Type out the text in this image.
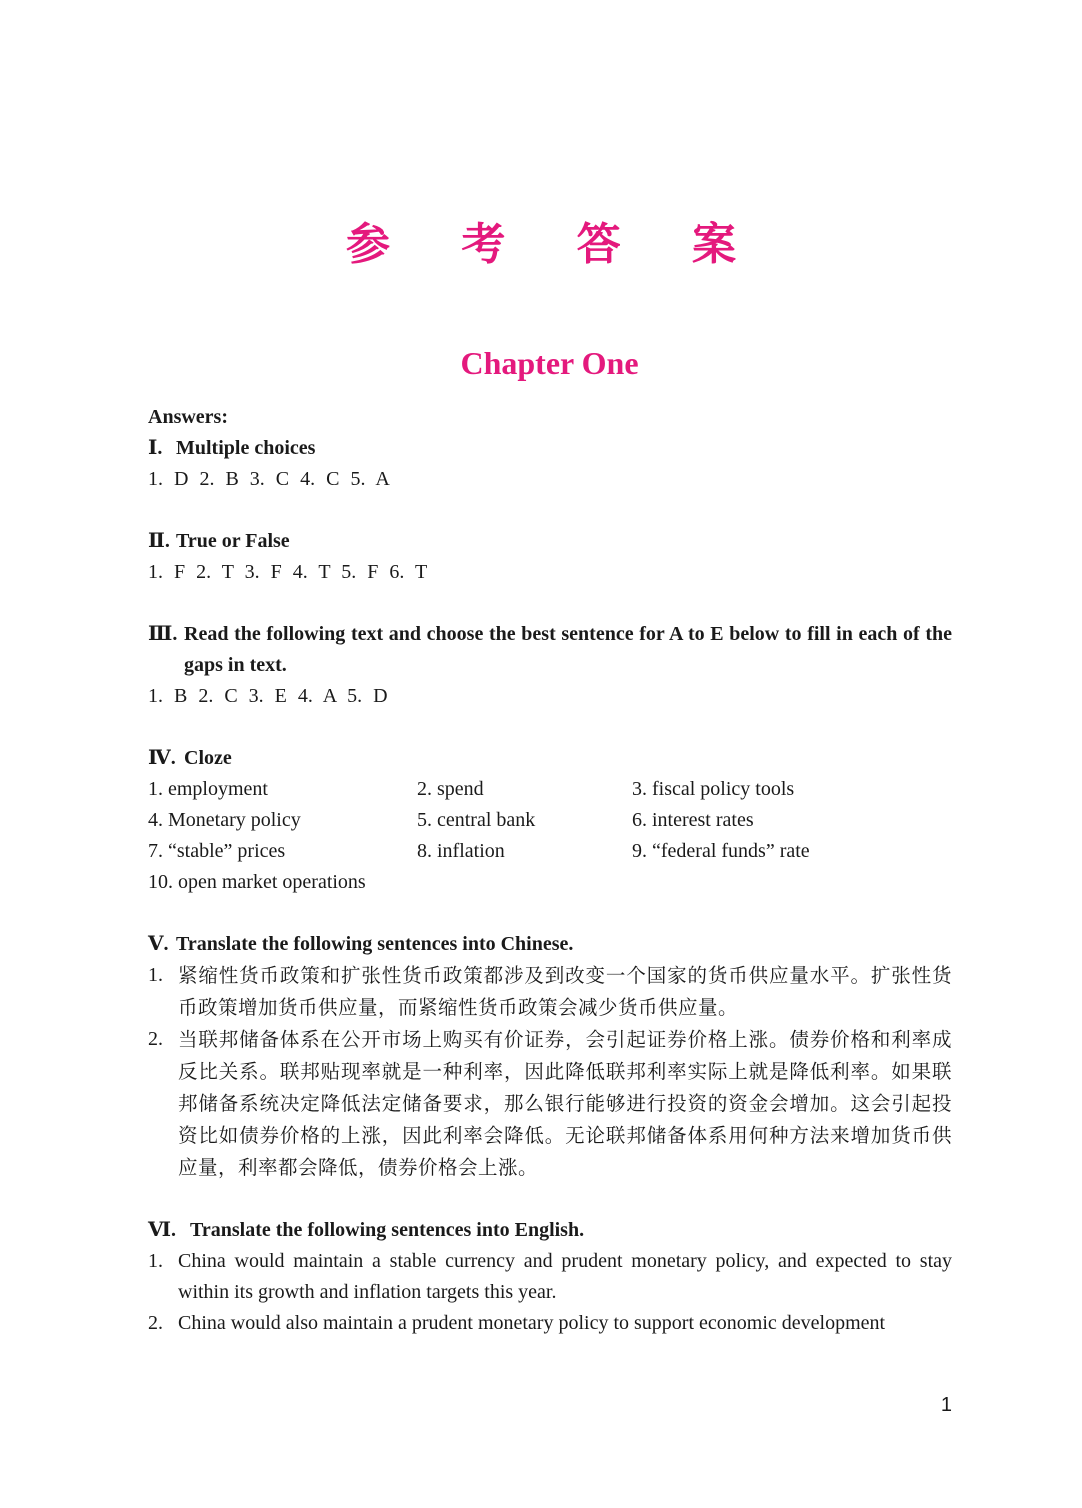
参 考 答 案
Chapter One
Answers:
Ⅰ. Multiple choices
1. D 2. B 3. C 4. C 5. A
Ⅱ. True or False
1. F 2. T 3. F 4. T 5. F 6. T
Ⅲ. Read the following text and choose the best sentence for A to E below to fill in each of the gaps in text.
1. B 2. C 3. E 4. A 5. D
Ⅳ. Cloze
1. employment	2. spend	3. fiscal policy tools
4. Monetary policy	5. central bank	6. interest rates
7. “stable” prices	8. inflation	9. “federal funds” rate
10. open market operations
Ⅴ. Translate the following sentences into Chinese.
1. 紧缩性货币政策和扩张性货币政策都涉及到改变一个国家的货币供应量水平。扩张性货币政策增加货币供应量，而紧缩性货币政策会减少货币供应量。
2. 当联邦储备体系在公开市场上购买有价证券，会引起证券价格上涨。债券价格和利率成反比关系。联邦贴现率就是一种利率，因此降低联邦利率实际上就是降低利率。如果联邦储备系统决定降低法定储备要求，那么银行能够进行投资的资金会增加。这会引起投资比如债券价格的上涨，因此利率会降低。无论联邦储备体系用何种方法来增加货币供应量，利率都会降低，债券价格会上涨。
Ⅵ. Translate the following sentences into English.
1. China would maintain a stable currency and prudent monetary policy, and expected to stay within its growth and inflation targets this year.
2. China would also maintain a prudent monetary policy to support economic development
1
